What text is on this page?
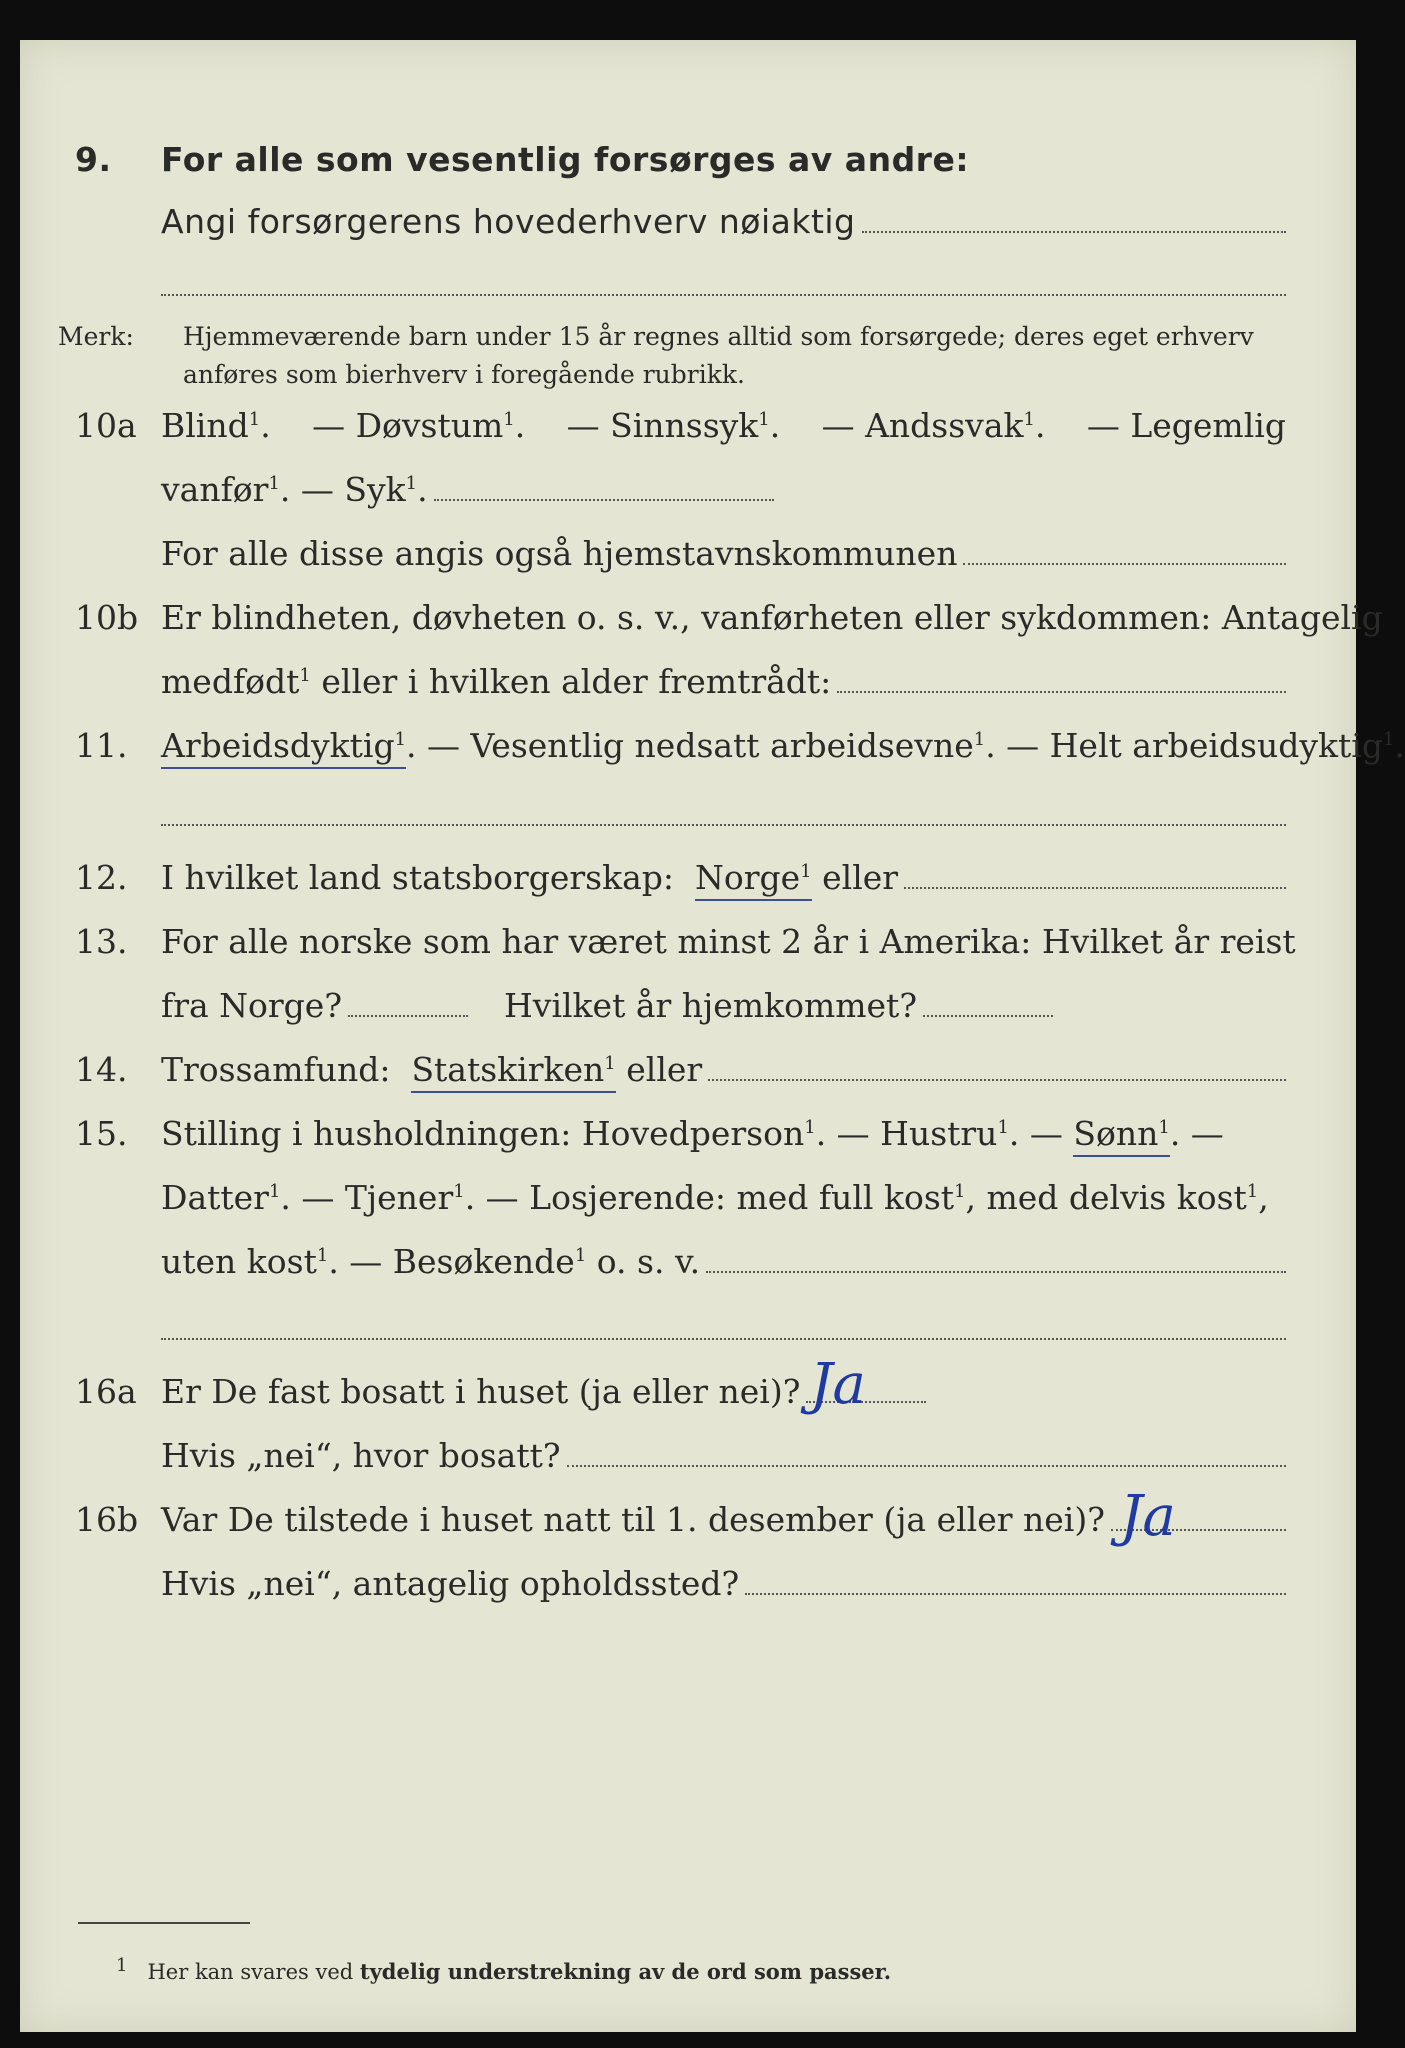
9. For alle som vesentlig forsørges av andre:
Angi forsørgerens hovederhverv nøiaktig
Merk: Hjemmeværende barn under 15 år regnes alltid som forsørgede; deres eget erhverv
anføres som bierhverv i foregående rubrikk.
10a Blind$^1$. — Døvstum$^1$. — Sinnssyk$^1$. — Andssvak$^1$. — Legemlig
vanfør$^1$. — Syk$^1$.
For alle disse angis også hjemstavnskommunen
10b Er blindheten, døvheten o. s. v., vanførheten eller sykdommen: Antagelig
medfødt$^1$ eller i hvilken alder fremtrådt:
11. Arbeidsdyktig$^1$ . — Vesentlig nedsatt arbeidsevne$^1$ . — Helt arbeidsudyktig$^1$.
12. I hvilket land statsborgerskap:
Norge$^1$
eller
13. For alle norske som har været minst 2 år i Amerika: Hvilket år reist
fra Norge?	Hvilket år hjemkommet?
14. Trossamfund:
Statskirken$^1$
eller
15. Stilling i husholdningen: Hovedperson$^1$ . — Hustru$^1$ . —
Sønn$^1$ . —
Datter$^1$ . — Tjener$^1$ . — Losjerende: med full kost$^1$ , med delvis kost$^1$,
uten kost$^1$ . — Besøkende$^1$ o. s. v.
16a Er De fast bosatt i huset (ja eller nei)? Ja
Hvis „nei“, hvor bosatt?
16b Var De tilstede i huset natt til 1. desember (ja eller nei)? Ja
Hvis „nei“, antagelig opholdssted?
$^1$ Her kan svares ved tydelig understrekning av de ord som passer.
